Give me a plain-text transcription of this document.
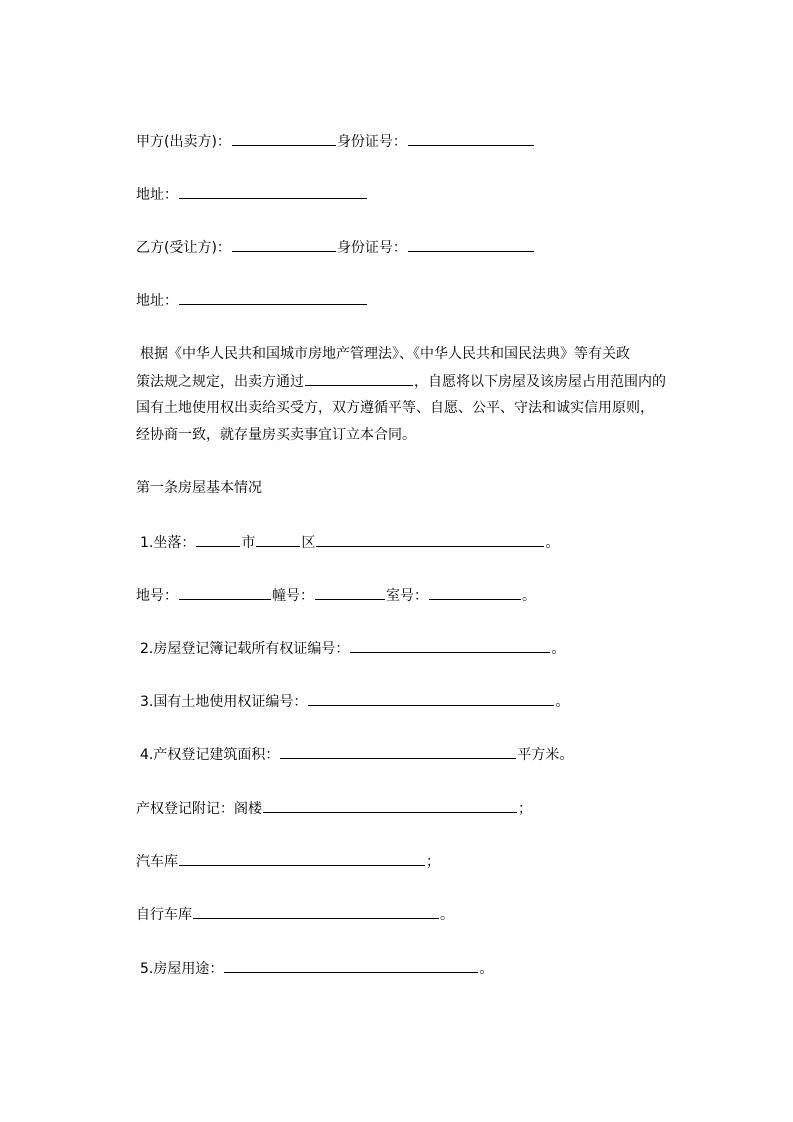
甲方(出卖方)：	身份证号：
地址：
乙方(受让方)：	身份证号：
地址：
根据《中华人民共和国城市房地产管理法》、《中华人民共和国民法典》等有关政
策法规之规定，出卖方通过	，自愿将以下房屋及该房屋占用范围内的
国有土地使用权出卖给买受方，双方遵循平等、自愿、公平、守法和诚实信用原则，
经协商一致，就存量房买卖事宜订立本合同。
第一条房屋基本情况
1.坐落：	市	区	。
地号：	幢号：	室号：	。
2.房屋登记簿记载所有权证编号：	。
3.国有土地使用权证编号：	。
4.产权登记建筑面积：	平方米。
产权登记附记：阁楼	；
汽车库	；
自行车库	。
5.房屋用途：	。
